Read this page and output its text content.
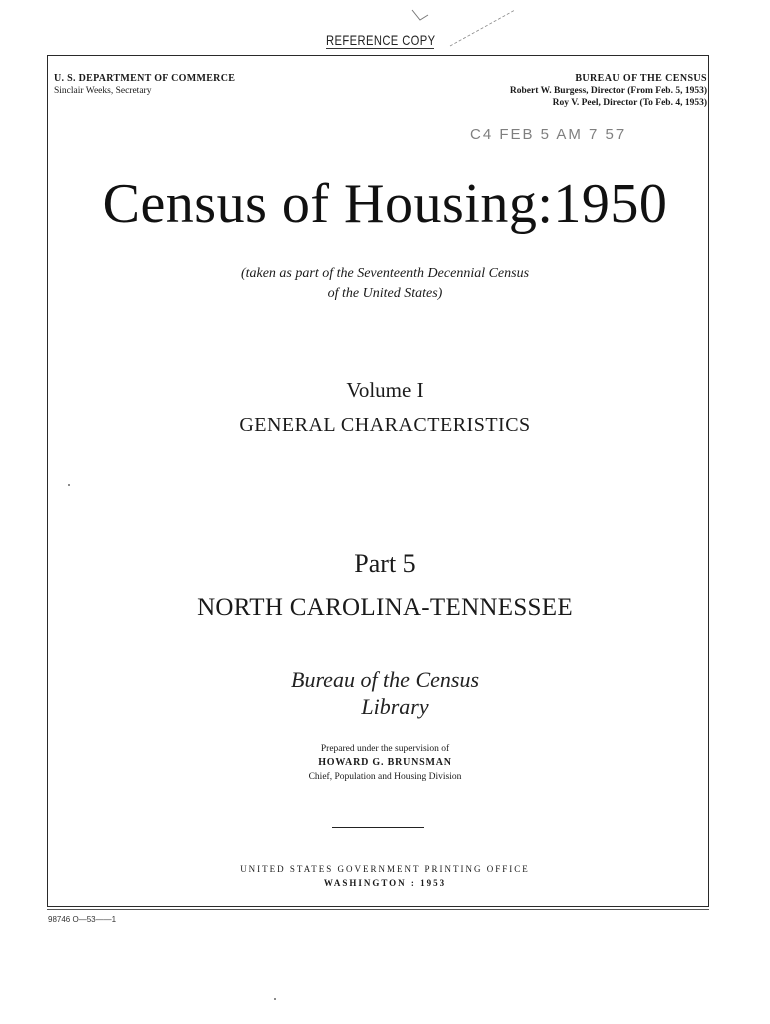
REFERENCE COPY
U. S. DEPARTMENT OF COMMERCE
Sinclair Weeks, Secretary
BUREAU OF THE CENSUS
Robert W. Burgess, Director (From Feb. 5, 1953)
Roy V. Peel, Director (To Feb. 4, 1953)
C4 FEB 5 AM 7 57
Census of Housing:1950
(taken as part of the Seventeenth Decennial Census
of the United States)
Volume I
GENERAL CHARACTERISTICS
Part 5
NORTH CAROLINA-TENNESSEE
Bureau of the Census
Library
Prepared under the supervision of
HOWARD G. BRUNSMAN
Chief, Population and Housing Division
UNITED STATES GOVERNMENT PRINTING OFFICE
WASHINGTON : 1953
98746 O—53——1
